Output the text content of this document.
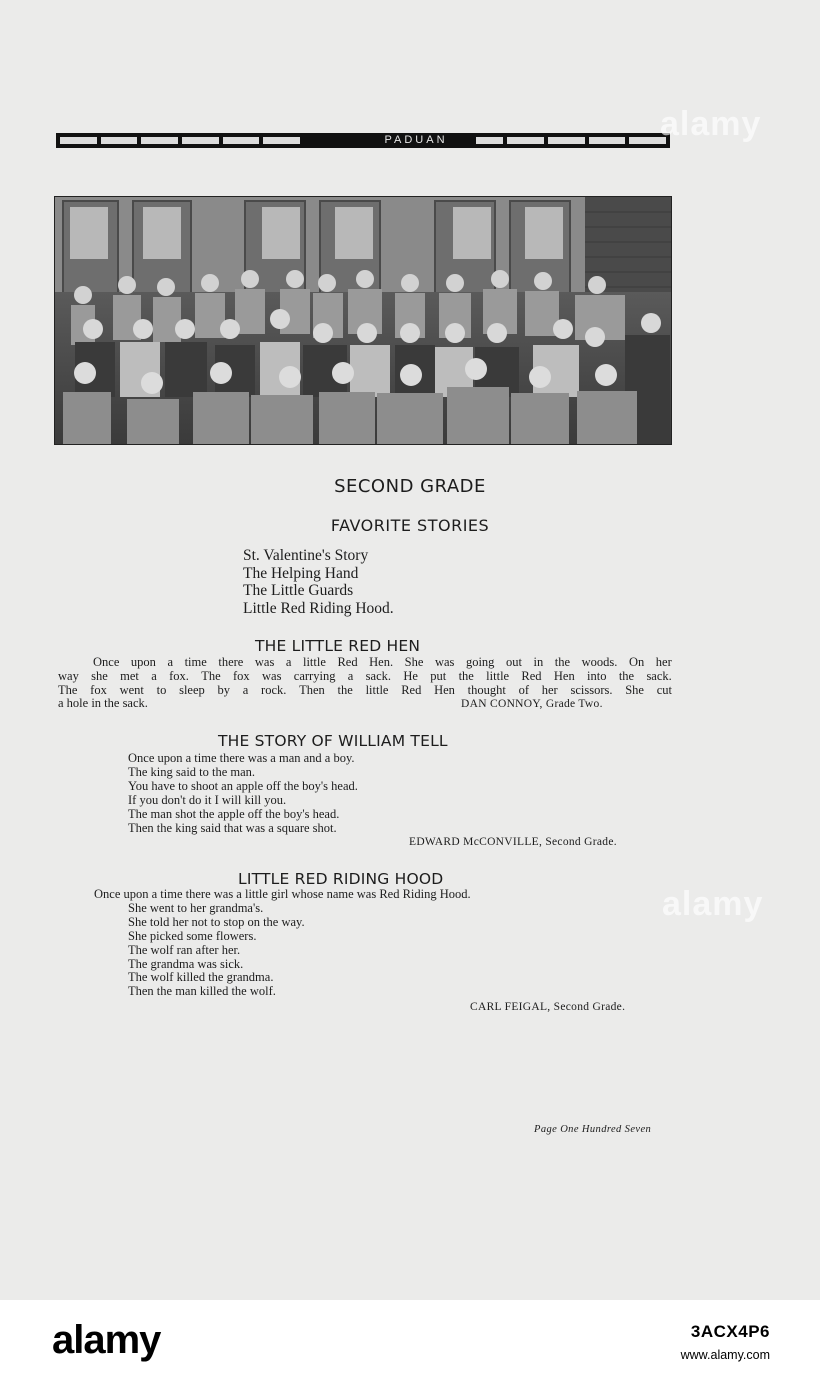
PADUAN
SECOND GRADE
FAVORITE STORIES
St. Valentine's Story
The Helping Hand
The Little Guards
Little Red Riding Hood.
THE LITTLE RED HEN
Once upon a time there was a little Red Hen. She was going out in the woods. On her
way she met a fox. The fox was carrying a sack. He put the little Red Hen into the sack.
The fox went to sleep by a rock. Then the little Red Hen thought of her scissors. She cut
a hole in the sack.	DAN CONNOY, Grade Two.
THE STORY OF WILLIAM TELL
Once upon a time there was a man and a boy.
The king said to the man.
You have to shoot an apple off the boy's head.
If you don't do it I will kill you.
The man shot the apple off the boy's head.
Then the king said that was a square shot.
EDWARD McCONVILLE, Second Grade.
LITTLE RED RIDING HOOD
Once upon a time there was a little girl whose name was Red Riding Hood.
She went to her grandma's.
She told her not to stop on the way.
She picked some flowers.
The wolf ran after her.
The grandma was sick.
The wolf killed the grandma.
Then the man killed the wolf.
CARL FEIGAL, Second Grade.
Page One Hundred Seven
alamy
alamy
alamy	3ACX4P6
www.alamy.com
